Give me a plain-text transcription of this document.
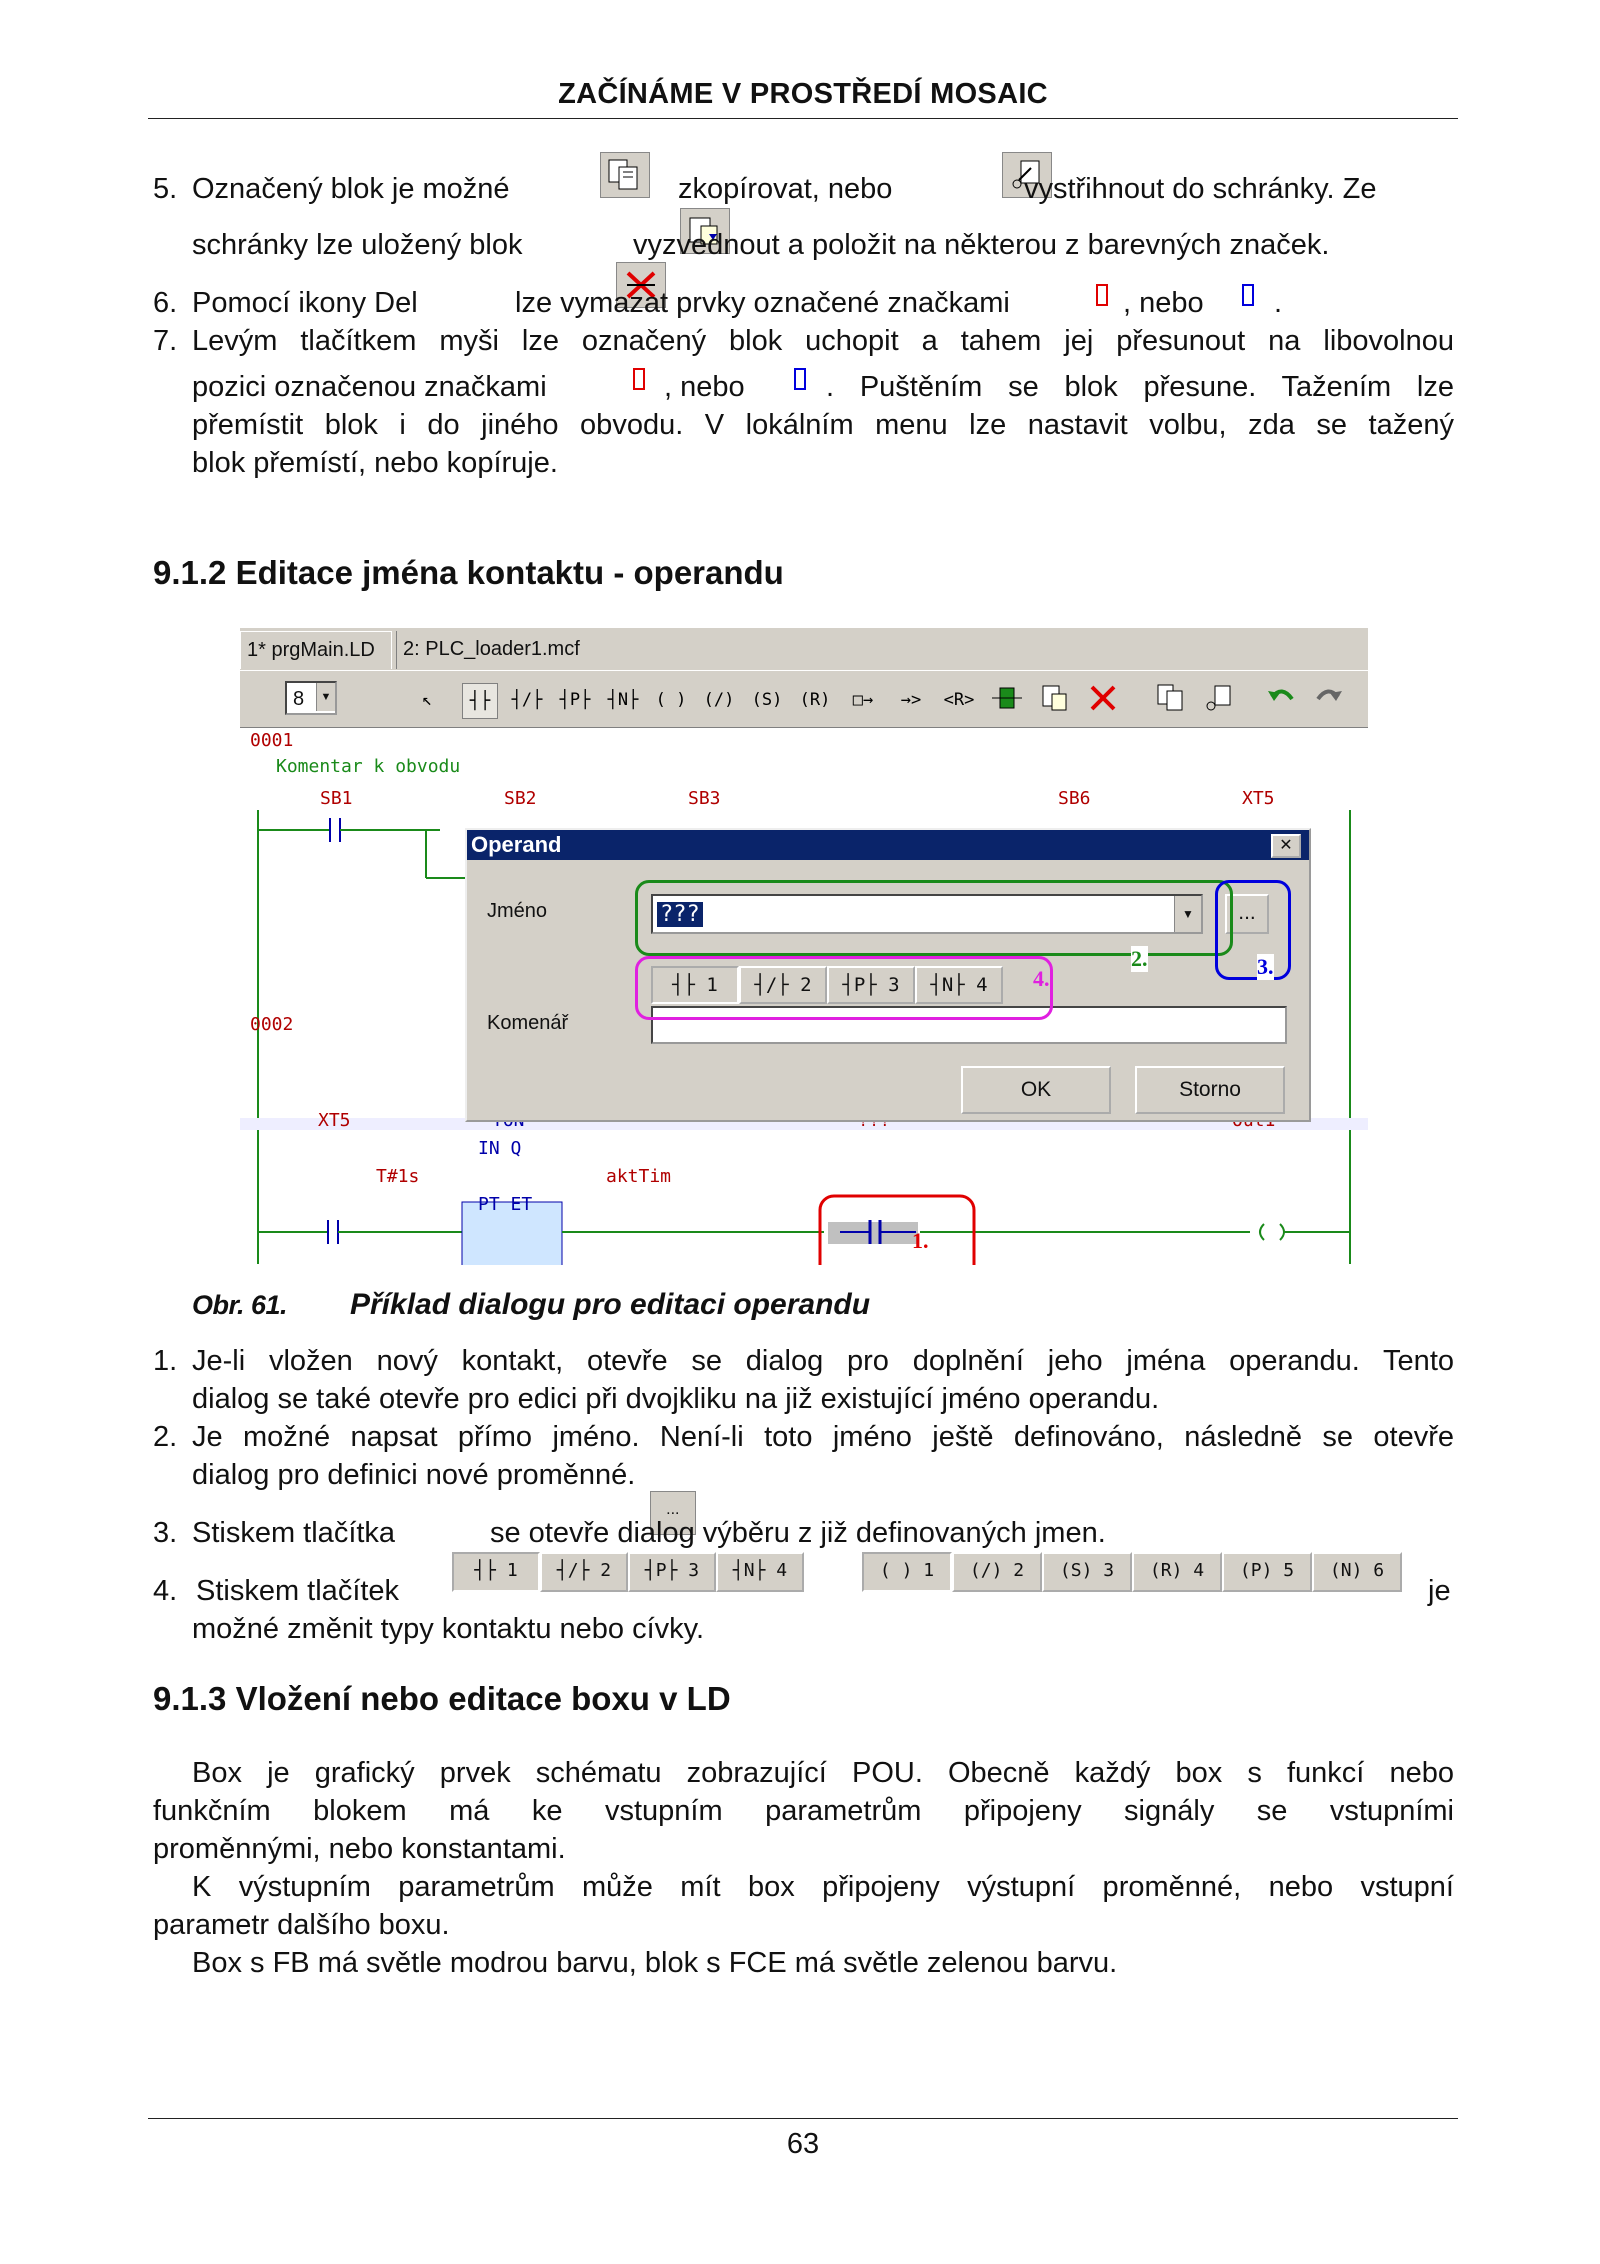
ZAČÍNÁME V PROSTŘEDÍ MOSAIC
5. Označený blok je možné
	zkopírovat, nebo
	vystřihnout do schránky. Ze
schránky lze uložený blok
	vyzvednout a položit na některou z barevných značek.
6. Pomocí ikony Del
	lze vymazat prvky označené značkami	, nebo .
7. Levým tlačítkem myši lze označený blok uchopit a tahem jej přesunout na libovolnou
pozici označenou značkami	, nebo	. Puštěním se blok přesune. Tažením lze
přemístit blok i do jiného obvodu. V lokálním menu lze nastavit volbu, zda se tažený
blok přemístí, nebo kopíruje.
9.1.2 Editace jména kontaktu - operandu
1* prgMain.LD	2: PLC_loader1.mcf
8	▼	↖	┤├	┤/├ ┤P├ ┤N├ ( ) (/) (S) (R)	□→	→>	<R>
0001
Komentar k obvodu
SB1	SB2	SB3	SB6	XT5
0002
XT5
IN Q
PT ET
T#1s	aktTim
1.
Operand	✕
Jméno	???	▼	...
┤├ 1 ┤/├ 2 ┤P├ 3 ┤N├ 4
Komenář
OK	Storno
2.	3.
4.
Obr. 61. Příklad dialogu pro editaci operandu
1. Je-li vložen nový kontakt, otevře se dialog pro doplnění jeho jména operandu. Tento
dialog se také otevře pro edici při dvojkliku na již existující jméno operandu.
2. Je možné napsat přímo jméno. Není-li toto jméno ještě definováno, následně se otevře
dialog pro definici nové proměnné.
3. Stiskem tlačítka
...
se otevře dialog výběru z již definovaných jmen.
4. Stiskem tlačítek
┤├ 1 ┤/├ 2 ┤P├ 3 ┤N├ 4	( ) 1 (/) 2 (S) 3 (R) 4 (P) 5 (N) 6
je
možné změnit typy kontaktu nebo cívky.
9.1.3 Vložení nebo editace boxu v LD
Box je grafický prvek schématu zobrazující POU. Obecně každý box s funkcí nebo
funkčním blokem má ke vstupním parametrům připojeny signály se vstupními
proměnnými, nebo konstantami.
K výstupním parametrům může mít box připojeny výstupní proměnné, nebo vstupní
parametr dalšího boxu.
Box s FB má světle modrou barvu, blok s FCE má světle zelenou barvu.
63
